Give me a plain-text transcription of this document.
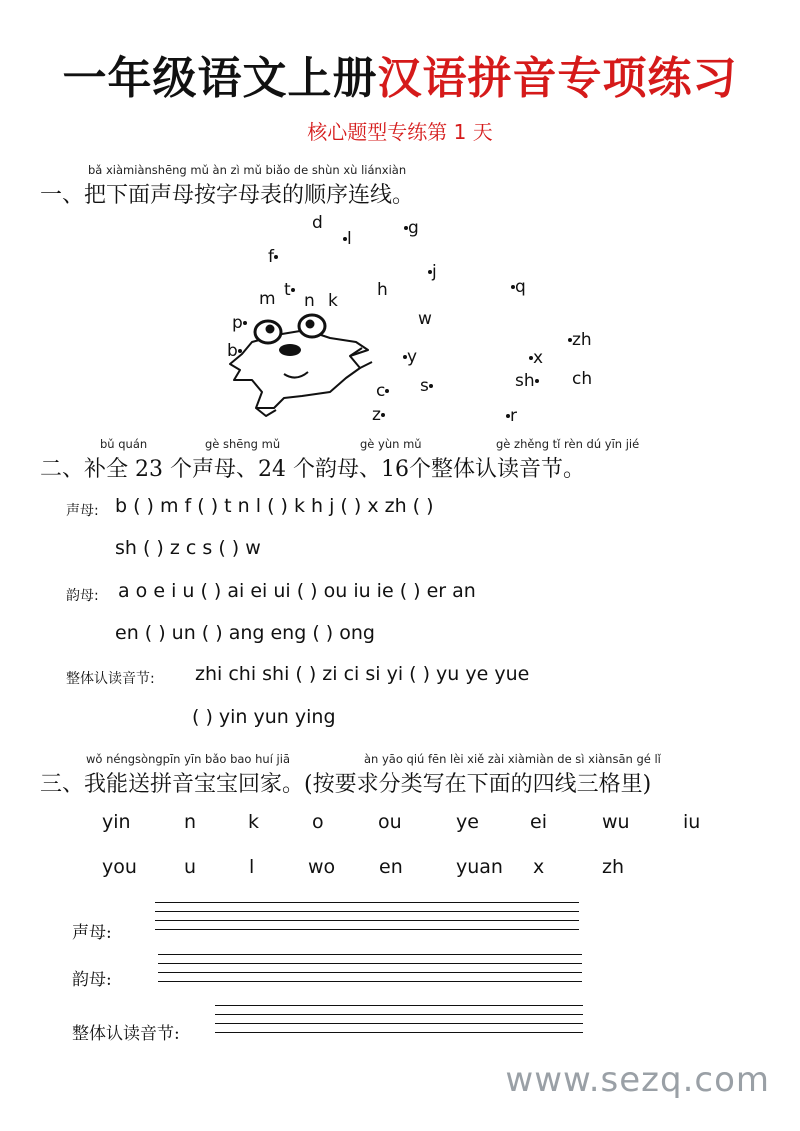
一年级语文上册汉语拼音专项练习
核心题型专练第 1 天
bǎ xiàmiànshēng mǔ àn zì mǔ biǎo de shùn xù liánxiàn
一、把下面声母按字母表的顺序连线。
d
l
g
f
j
t
n
m	k
h	q
p	w
b	y	x
zh
c s	sh ch
z	r
bǔ quán	gè shēng mǔ	gè yùn mǔ	gè zhěng tǐ rèn dú yīn jié
二、补全 23 个声母、24 个韵母、16个整体认读音节。
声母: b ( ) m f ( ) t n l ( ) k h j ( ) x zh ( )
sh ( ) z c s ( ) w
韵母: a o e i u ( ) ai ei ui ( ) ou iu ie ( ) er an
en ( ) un ( ) ang eng ( ) ong
整体认读音节: zhi chi shi ( ) zi ci si yi ( ) yu ye yue
( ) yin yun ying
wǒ néngsòngpīn yīn bǎo bao huí jiā	àn yāo qiú fēn lèi xiě zài xiàmiàn de sì xiànsān gé lǐ
三、我能送拼音宝宝回家。(按要求分类写在下面的四线三格里)
yin	n	k	o	ou	ye	ei	wu	iu
you u	l	wo en	yuan x	zh
声母:
韵母:
整体认读音节:
www.sezq.com
